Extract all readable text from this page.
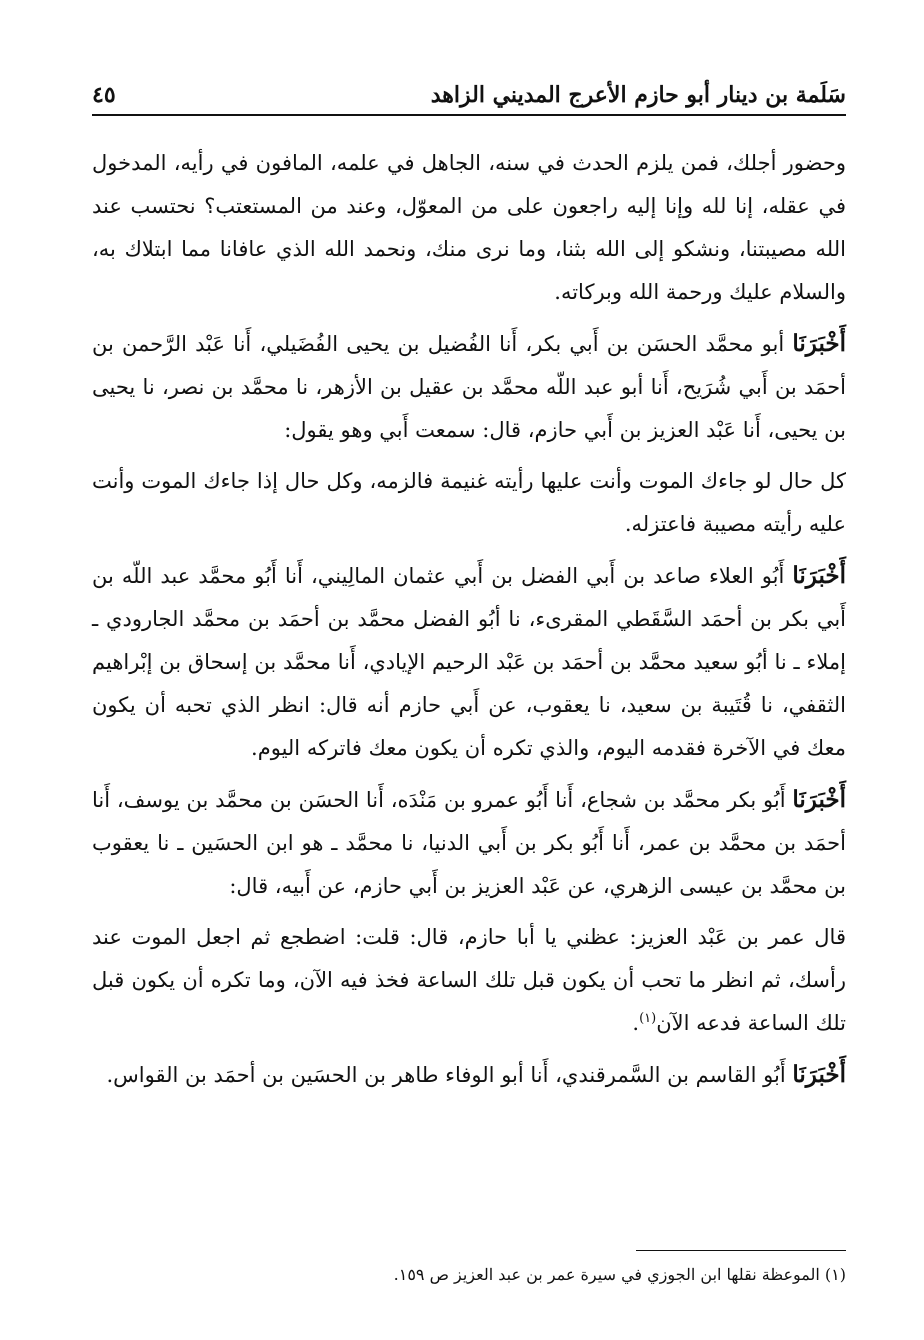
سَلَمة بن دينار أبو حازم الأعرج المديني الزاهد
٤٥

وحضور أجلك، فمن يلزم الحدث في سنه، الجاهل في علمه، المافون في رأيه، المدخول في عقله، إنا لله وإنا إليه راجعون على من المعوّل، وعند من المستعتب؟ نحتسب عند الله مصيبتنا، ونشكو إلى الله بثنا، وما نرى منك، ونحمد الله الذي عافانا مما ابتلاك به، والسلام عليك ورحمة الله وبركاته.

أَخْبَرَنَا أبو محمَّد الحسَن بن أَبي بكر، أَنا الفُضيل بن يحيى الفُضَيلي، أَنا عَبْد الرَّحمن بن أحمَد بن أَبي شُرَيح، أَنا أبو عبد اللّه محمَّد بن عقيل بن الأزهر، نا محمَّد بن نصر، نا يحيى بن يحيى، أَنا عَبْد العزيز بن أَبي حازم، قال: سمعت أَبي وهو يقول:

كل حال لو جاءك الموت وأنت عليها رأيته غنيمة فالزمه، وكل حال إذا جاءك الموت وأنت عليه رأيته مصيبة فاعتزله.

أَخْبَرَنَا أَبُو العلاء صاعد بن أَبي الفضل بن أَبي عثمان المالِيني، أَنا أَبُو محمَّد عبد اللّه بن أَبي بكر بن أحمَد السَّقَطي المقرىء، نا أبُو الفضل محمَّد بن أحمَد بن محمَّد الجارودي ـ إملاء ـ نا أبُو سعيد محمَّد بن أحمَد بن عَبْد الرحيم الإيادي، أَنا محمَّد بن إسحاق بن إبْراهيم الثقفي، نا قُتَيبة بن سعيد، نا يعقوب، عن أَبي حازم أنه قال: انظر الذي تحبه أن يكون معك في الآخرة فقدمه اليوم، والذي تكره أن يكون معك فاتركه اليوم.

أَخْبَرَنَا أَبُو بكر محمَّد بن شجاع، أَنا أَبُو عمرو بن مَنْدَه، أَنا الحسَن بن محمَّد بن يوسف، أَنا أحمَد بن محمَّد بن عمر، أَنا أَبُو بكر بن أَبي الدنيا، نا محمَّد ـ هو ابن الحسَين ـ نا يعقوب بن محمَّد بن عيسى الزهري، عن عَبْد العزيز بن أَبي حازم، عن أَبيه، قال:

قال عمر بن عَبْد العزيز: عظني يا أبا حازم، قال: قلت: اضطجع ثم اجعل الموت عند رأسك، ثم انظر ما تحب أن يكون قبل تلك الساعة فخذ فيه الآن، وما تكره أن يكون قبل تلك الساعة فدعه الآن$^{(١)}$.

أَخْبَرَنَا أَبُو القاسم بن السَّمرقندي، أَنا أبو الوفاء طاهر بن الحسَين بن أحمَد بن القواس.

(١) الموعظة نقلها ابن الجوزي في سيرة عمر بن عبد العزيز ص ١٥٩.
